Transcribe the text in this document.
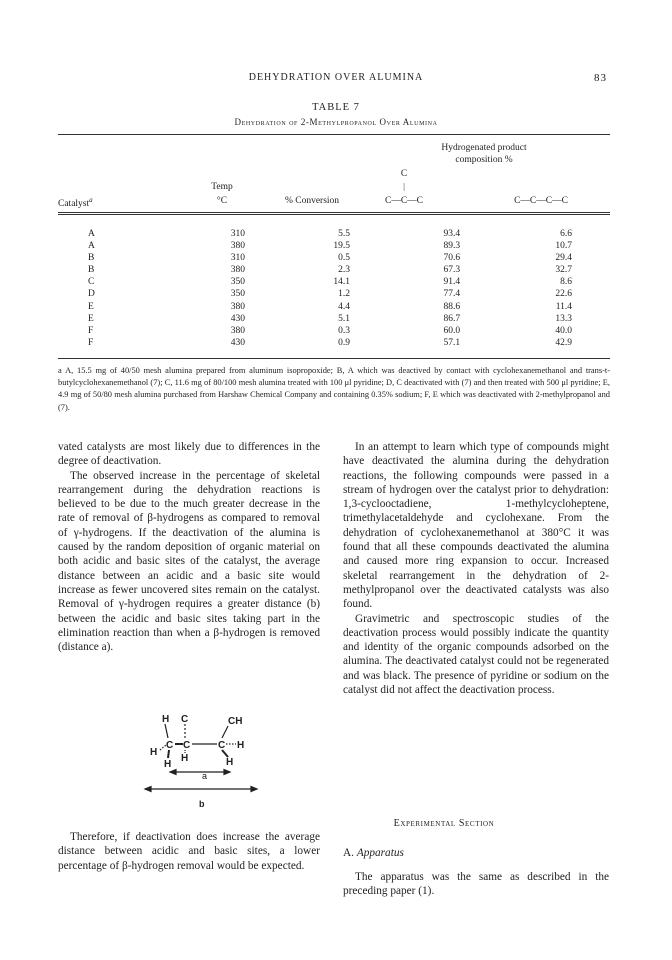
DEHYDRATION OVER ALUMINA	83
TABLE 7
Dehydration of 2-Methylpropanol Over Alumina
Hydrogenated product
composition %
C
|
C—C—C	C—C—C—C
Temp
°C	% Conversion
Catalyst$^a$
A	310	5.5	93.4	6.6
A	380	19.5	89.3	10.7
B	310	0.5	70.6	29.4
B	380	2.3	67.3	32.7
C	350	14.1	91.4	8.6
D	350	1.2	77.4	22.6
E	380	4.4	88.6	11.4
E	430	5.1	86.7	13.3
F	380	0.3	60.0	40.0
F	430	0.9	57.1	42.9
a A, 15.5 mg of 40/50 mesh alumina prepared from aluminum isopropoxide; B, A which was deactived by contact with cyclohexanemethanol and trans-t-butylcyclohexanemethanol (7); C, 11.6 mg of 80/100 mesh alumina treated with 100 μl pyridine; D, C deactivated with (7) and then treated with 500 μl pyridine; E, 4.9 mg of 50/80 mesh alumina purchased from Harshaw Chemical Company and containing 0.35% sodium; F, E which was deactivated with 2-methylpropanol and (7).

vated catalysts are most likely due to differences in the degree of deactivation.

The observed increase in the percentage of skeletal rearrangement during the dehydration reactions is believed to be due to the much greater decrease in the rate of removal of β-hydrogens as compared to removal of γ-hydrogens. If the deactivation of the alumina is caused by the random deposition of organic material on both acidic and basic sites of the catalyst, the average distance between an acidic and a basic site would increase as fewer uncovered sites remain on the catalyst. Removal of γ-hydrogen requires a greater distance (b) between the acidic and basic sites taking part in the elimination reaction than when a β-hydrogen is removed (distance a).

H C	CH
H
C C	C H
H
H	H
a
b

Therefore, if deactivation does increase the average distance between acidic and basic sites, a lower percentage of β-hydrogen removal would be expected.

In an attempt to learn which type of compounds might have deactivated the alumina during the dehydration reactions, the following compounds were passed in a stream of hydrogen over the catalyst prior to dehydration: 1,3-cyclooctadiene, 1-methylcycloheptene, trimethylacetaldehyde and cyclohexane. From the dehydration of cyclohexanemethanol at 380°C it was found that all these compounds deactivated the alumina and caused more ring expansion to occur. Increased skeletal rearrangement in the dehydration of 2-methylpropanol over the deactivated catalysts was also found.

Gravimetric and spectroscopic studies of the deactivation process would possibly indicate the quantity and identity of the organic compounds adsorbed on the alumina. The deactivated catalyst could not be regenerated and was black. The presence of pyridine or sodium on the catalyst did not affect the deactivation process.

Experimental Section
A. Apparatus

The apparatus was the same as described in the preceding paper (1).
